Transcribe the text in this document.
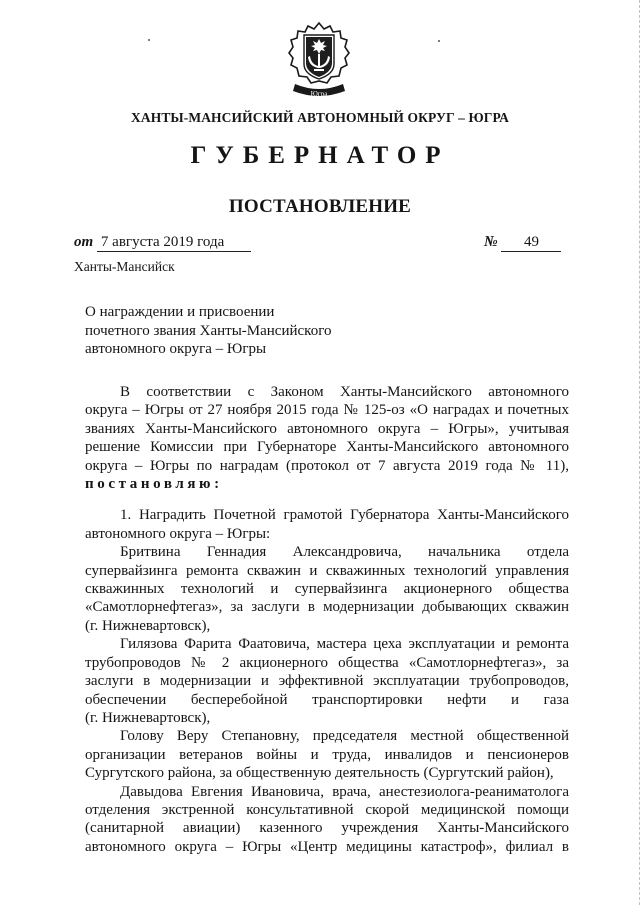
Югра
ХАНТЫ-МАНСИЙСКИЙ АВТОНОМНЫЙ ОКРУГ – ЮГРА
ГУБЕРНАТОР
ПОСТАНОВЛЕНИЕ
от 7 августа 2019 года	№ 49
Ханты-Мансийск
О награждении и присвоении
почетного звания Ханты-Мансийского
автономного округа – Югры
В соответствии с Законом Ханты-Мансийского автономного
округа – Югры от 27 ноября 2015 года № 125-оз «О наградах и почетных
званиях Ханты-Мансийского автономного округа – Югры», учитывая
решение Комиссии при Губернаторе Ханты-Мансийского автономного
округа – Югры по наградам (протокол от 7 августа 2019 года № 11),
постановляю:
1. Наградить Почетной грамотой Губернатора Ханты-Мансийского
автономного округа – Югры:
Бритвина Геннадия Александровича, начальника отдела
супервайзинга ремонта скважин и скважинных технологий управления
скважинных технологий и супервайзинга акционерного общества
«Самотлорнефтегаз», за заслуги в модернизации добывающих скважин
(г. Нижневартовск),
Гилязова Фарита Фаатовича, мастера цеха эксплуатации и ремонта
трубопроводов № 2 акционерного общества «Самотлорнефтегаз», за
заслуги в модернизации и эффективной эксплуатации трубопроводов,
обеспечении бесперебойной транспортировки нефти и газа
(г. Нижневартовск),
Голову Веру Степановну, председателя местной общественной
организации ветеранов войны и труда, инвалидов и пенсионеров
Сургутского района, за общественную деятельность (Сургутский район),
Давыдова Евгения Ивановича, врача, анестезиолога-реаниматолога
отделения экстренной консультативной скорой медицинской помощи
(санитарной авиации) казенного учреждения Ханты-Мансийского
автономного округа – Югры «Центр медицины катастроф», филиал в
